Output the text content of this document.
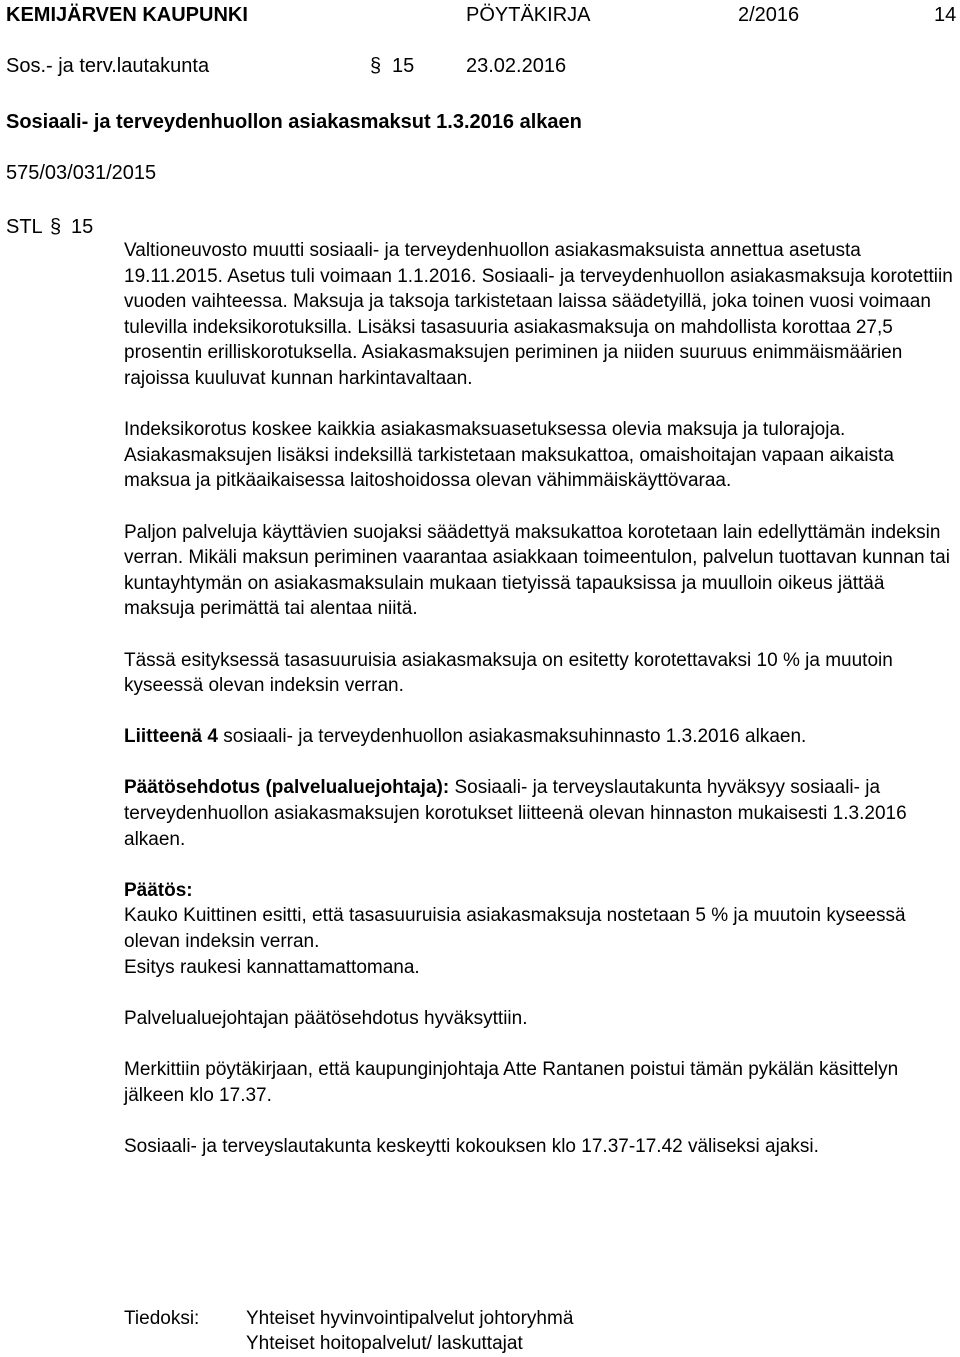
KEMIJÄRVEN KAUPUNKI	PÖYTÄKIRJA	2/2016	14
Sos.- ja terv.lautakunta	§ 15	23.02.2016
Sosiaali- ja terveydenhuollon asiakasmaksut 1.3.2016 alkaen
575/03/031/2015
STL § 15

Valtioneuvosto muutti sosiaali- ja terveydenhuollon asiakasmaksuista annettua asetusta 19.11.2015. Asetus tuli voimaan 1.1.2016. Sosiaali- ja terveydenhuollon asiakasmaksuja korotettiin vuoden vaihteessa. Maksuja ja taksoja tarkistetaan laissa säädetyillä, joka toinen vuosi voimaan tulevilla indeksikorotuksilla. Lisäksi tasasuuria asiakasmaksuja on mahdollista korottaa 27,5 prosentin erilliskorotuksella. Asiakasmaksujen periminen ja niiden suuruus enimmäismäärien rajoissa kuuluvat kunnan harkintavaltaan.

Indeksikorotus koskee kaikkia asiakasmaksuasetuksessa olevia maksuja ja tulorajoja. Asiakasmaksujen lisäksi indeksillä tarkistetaan maksukattoa, omaishoitajan vapaan aikaista maksua ja pitkäaikaisessa laitoshoidossa olevan vähimmäiskäyttövaraa.

Paljon palveluja käyttävien suojaksi säädettyä maksukattoa korotetaan lain edellyttämän indeksin verran. Mikäli maksun periminen vaarantaa asiakkaan toimeentulon, palvelun tuottavan kunnan tai kuntayhtymän on asiakasmaksulain mukaan tietyissä tapauksissa ja muulloin oikeus jättää maksuja perimättä tai alentaa niitä.

Tässä esityksessä tasasuuruisia asiakasmaksuja on esitetty korotettavaksi 10 % ja muutoin kyseessä olevan indeksin verran.

Liitteenä 4 sosiaali- ja terveydenhuollon asiakasmaksuhinnasto 1.3.2016 alkaen.

Päätösehdotus (palvelualuejohtaja): Sosiaali- ja terveyslautakunta hyväksyy sosiaali- ja terveydenhuollon asiakasmaksujen korotukset liitteenä olevan hinnaston mukaisesti 1.3.2016 alkaen.

Päätös:

Kauko Kuittinen esitti, että tasasuuruisia asiakasmaksuja nostetaan 5 % ja muutoin kyseessä olevan indeksin verran.

Esitys raukesi kannattamattomana.

Palvelualuejohtajan päätösehdotus hyväksyttiin.

Merkittiin pöytäkirjaan, että kaupunginjohtaja Atte Rantanen poistui tämän pykälän käsittelyn jälkeen klo 17.37.

Sosiaali- ja terveyslautakunta keskeytti kokouksen klo 17.37-17.42 väliseksi ajaksi.

Tiedoksi: Yhteiset hyvinvointipalvelut johtoryhmä
Yhteiset hoitopalvelut/ laskuttajat
